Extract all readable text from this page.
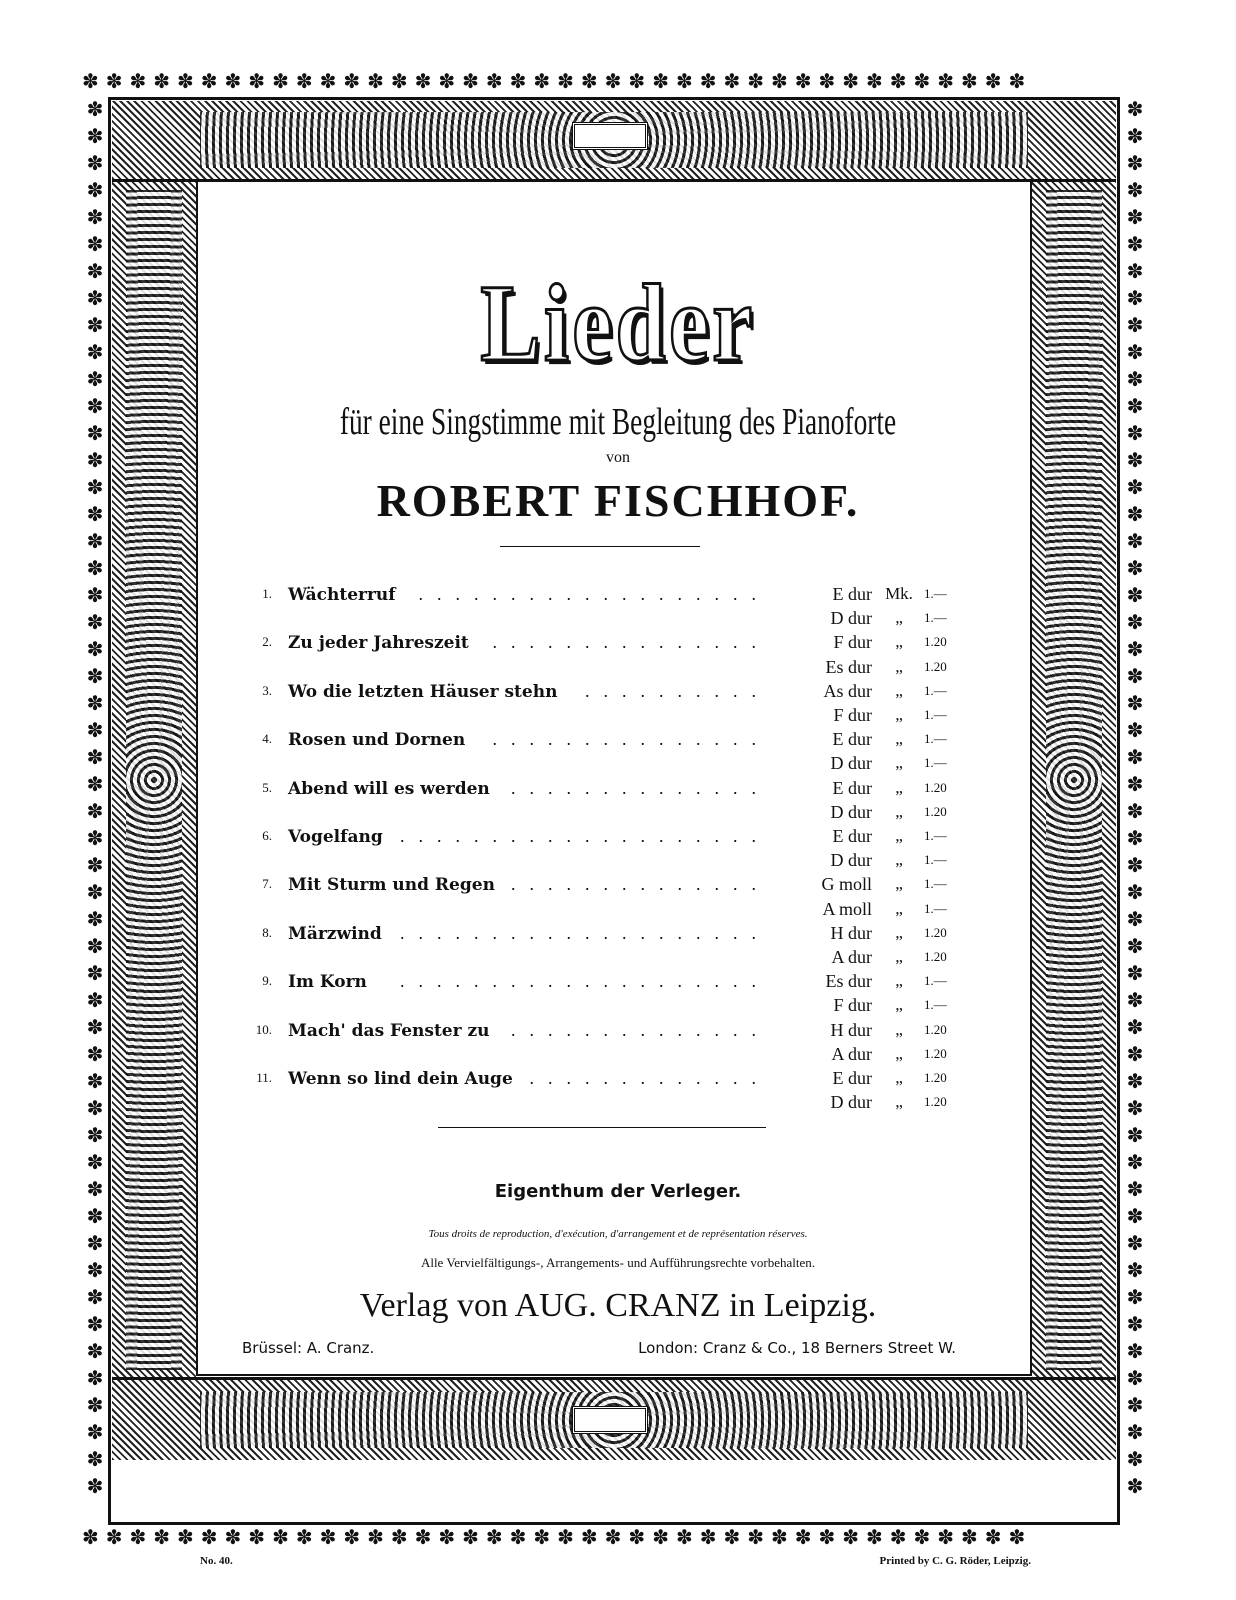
✽✽✽✽✽✽✽✽✽✽✽✽✽✽✽✽✽✽✽✽✽✽✽✽✽✽✽✽✽✽✽✽✽✽✽✽✽✽✽✽
✽✽✽✽✽✽✽✽✽✽✽✽✽✽✽✽✽✽✽✽✽✽✽✽✽✽✽✽✽✽✽✽✽✽✽✽✽✽✽✽
✽✽✽✽✽✽✽✽✽✽✽✽✽✽✽✽✽✽✽✽✽✽✽✽✽✽✽✽✽✽✽✽✽✽✽✽✽✽✽✽✽✽✽✽✽✽✽✽✽✽✽✽
✽✽✽✽✽✽✽✽✽✽✽✽✽✽✽✽✽✽✽✽✽✽✽✽✽✽✽✽✽✽✽✽✽✽✽✽✽✽✽✽✽✽✽✽✽✽✽✽✽✽✽✽
Lieder
für eine Singstimme mit Begleitung des Pianoforte
von
ROBERT FISCHHOF.
1. Wächterruf ...................	E dur Mk. 1.—
D dur	„	1.—
2. Zu jeder Jahreszeit ...............	F dur	„	1.20
Es dur	„	1.20
3. Wo die letzten Häuser stehn ..........	As dur	„	1.—
F dur	„	1.—
4. Rosen und Dornen ...............	E dur	„	1.—
D dur	„	1.—
5. Abend will es werden ..............	E dur	„	1.20
D dur	„	1.20
6. Vogelfang ....................	E dur	„	1.—
D dur	„	1.—
7. Mit Sturm und Regen ..............	G moll	„	1.—
A moll	„	1.—
8. Märzwind ....................	H dur	„	1.20
A dur	„	1.20
9. Im Korn ....................	Es dur	„	1.—
F dur	„	1.—
10. Mach' das Fenster zu ..............	H dur	„	1.20
A dur	„	1.20
11. Wenn so lind dein Auge .............	E dur	„	1.20
D dur	„	1.20
Eigenthum der Verleger.
Tous droits de reproduction, d'exécution, d'arrangement et de représentation réserves.
Alle Vervielfältigungs-, Arrangements- und Aufführungsrechte vorbehalten.
Verlag von AUG. CRANZ in Leipzig.
Brüssel: A. Cranz.	London: Cranz & Co., 18 Berners Street W.
No. 40.	Printed by C. G. Röder, Leipzig.
